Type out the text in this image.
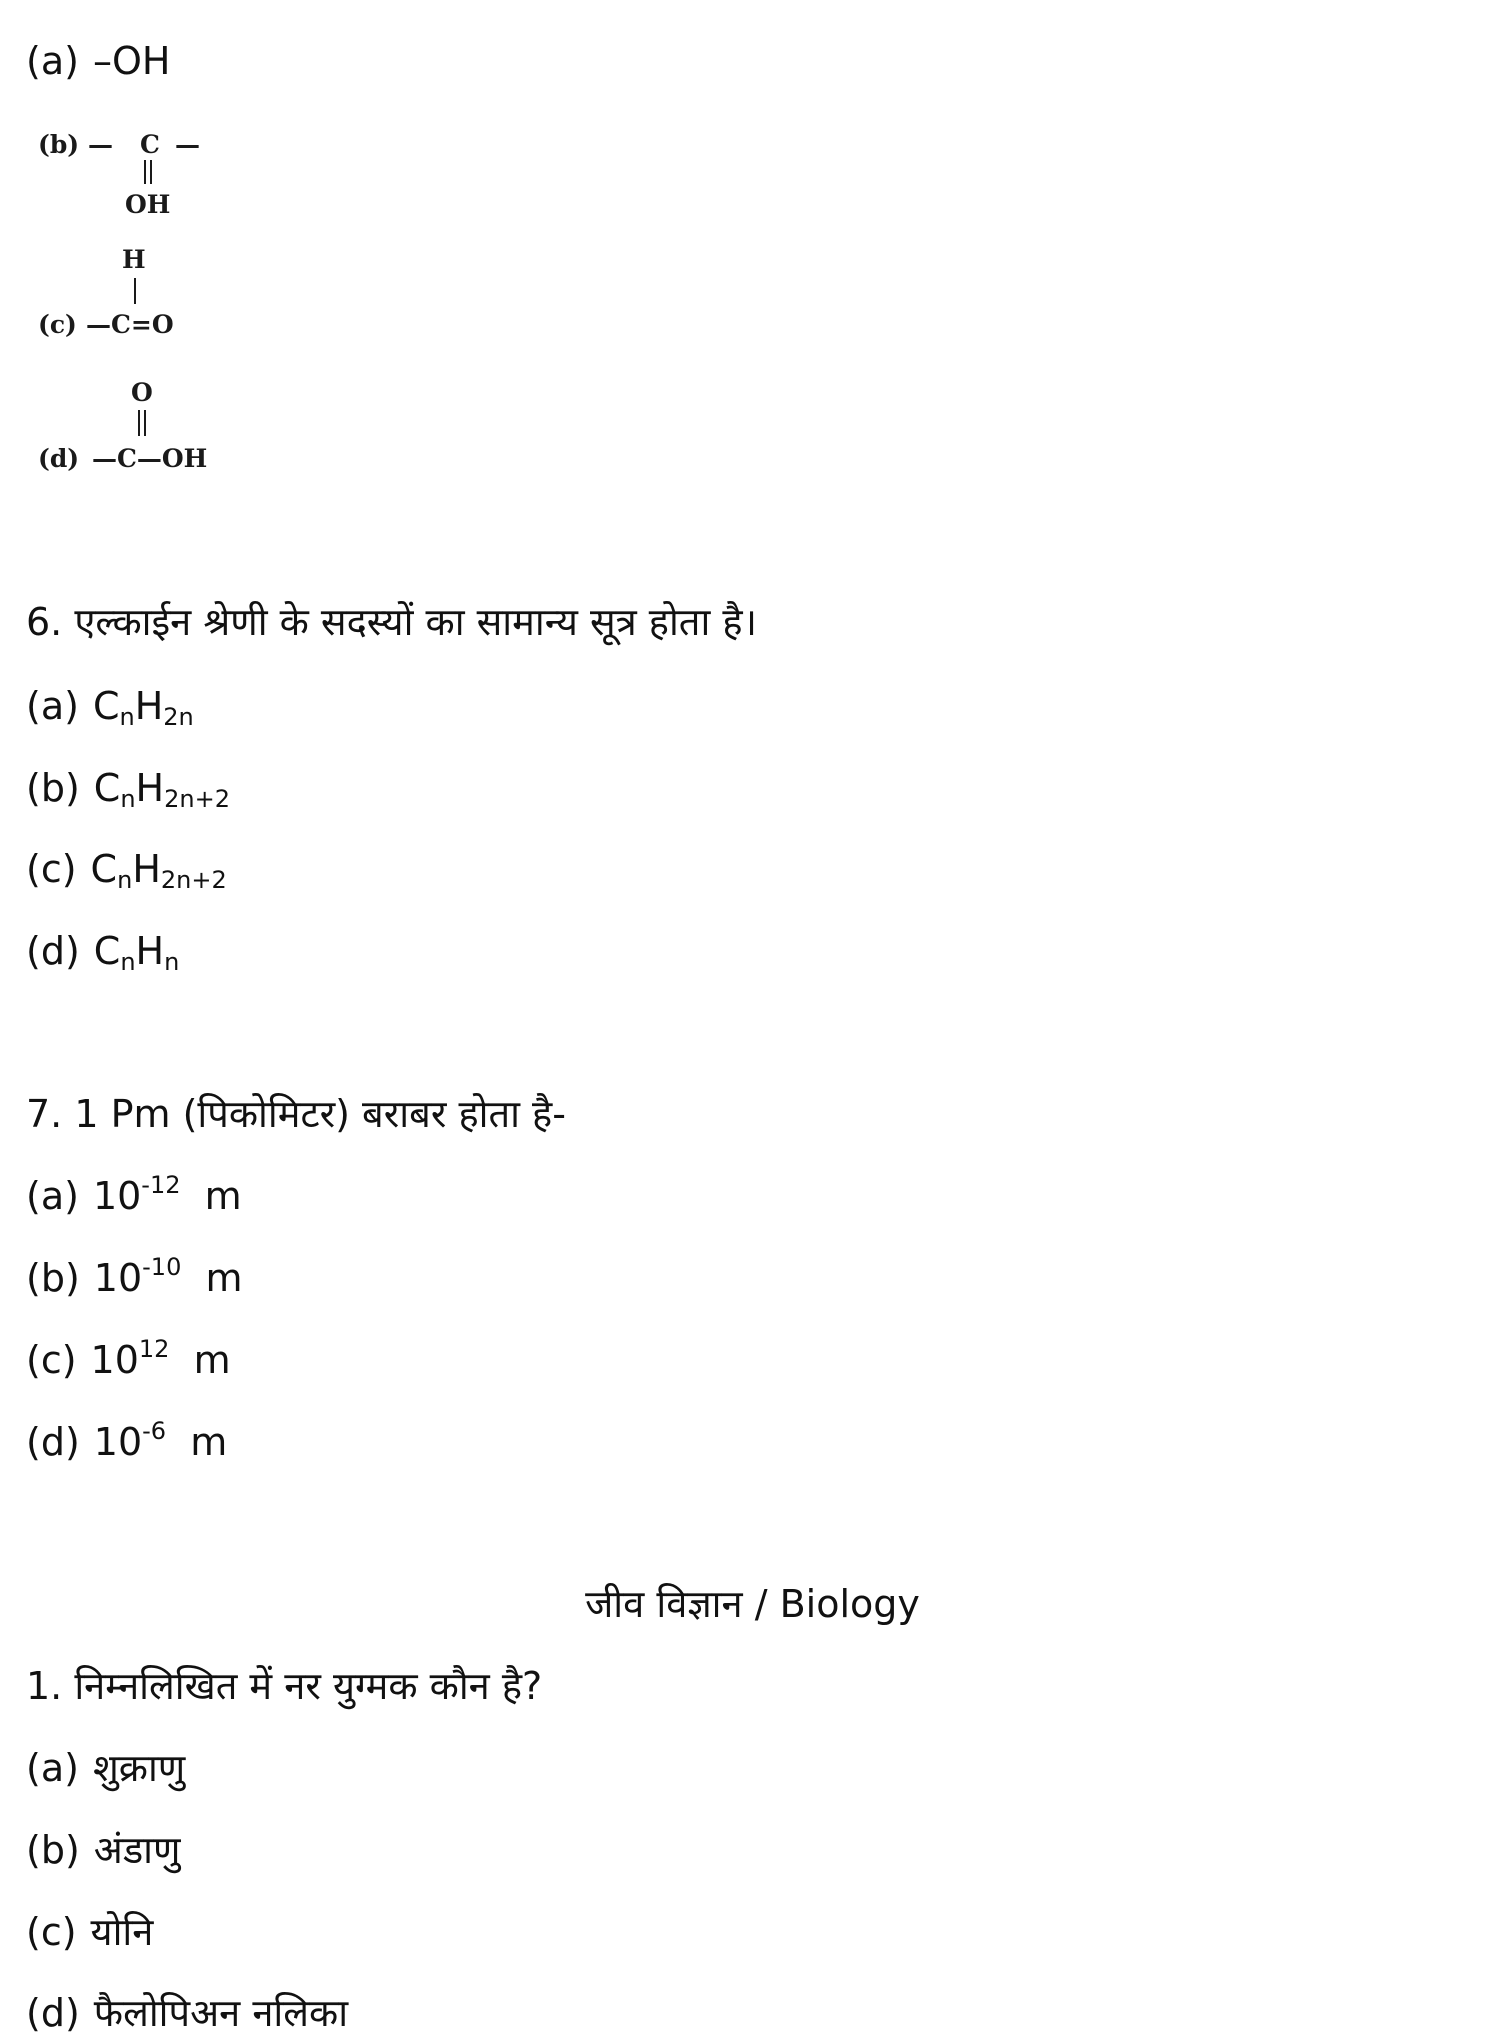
(a) –OH
(b) — C —
OH
H
(c) —C=O
O
(d) —C—OH
6. एल्काईन श्रेणी के सदस्यों का सामान्य सूत्र होता है।
(a) $C_nH_{2n}$
(b) $C_nH_{2n+2}$
(c) $C_nH_{2n+2}$
(d) $C_nH_n$
7. 1 Pm (पिकोमिटर) बराबर होता है-
(a) $10^{-12}$ m
(b) $10^{-10}$ m
(c) $10^{12}$ m
(d) $10^{-6}$ m
जीव विज्ञान / Biology
1. निम्नलिखित में नर युग्मक कौन है?
(a) शुक्राणु
(b) अंडाणु
(c) योनि
(d) फैलोपिअन नलिका
